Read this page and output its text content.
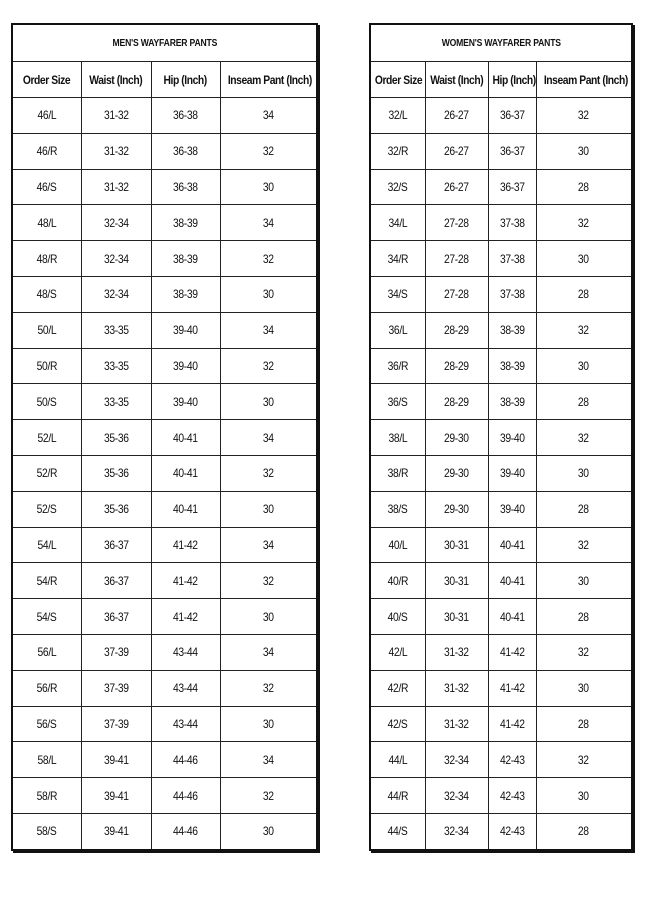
MEN'S WAYFARER PANTS			
Order Size	Waist (Inch)	Hip (Inch)	Inseam Pant (Inch)
46/L	31-32	36-38	34
46/R	31-32	36-38	32
46/S	31-32	36-38	30
48/L	32-34	38-39	34
48/R	32-34	38-39	32
48/S	32-34	38-39	30
50/L	33-35	39-40	34
50/R	33-35	39-40	32
50/S	33-35	39-40	30
52/L	35-36	40-41	34
52/R	35-36	40-41	32
52/S	35-36	40-41	30
54/L	36-37	41-42	34
54/R	36-37	41-42	32
54/S	36-37	41-42	30
56/L	37-39	43-44	34
56/R	37-39	43-44	32
56/S	37-39	43-44	30
58/L	39-41	44-46	34
58/R	39-41	44-46	32
58/S	39-41	44-46	30
WOMEN'S WAYFARER PANTS			
Order Size	Waist (Inch)	Hip (Inch)	Inseam Pant (Inch)
32/L	26-27	36-37	32
32/R	26-27	36-37	30
32/S	26-27	36-37	28
34/L	27-28	37-38	32
34/R	27-28	37-38	30
34/S	27-28	37-38	28
36/L	28-29	38-39	32
36/R	28-29	38-39	30
36/S	28-29	38-39	28
38/L	29-30	39-40	32
38/R	29-30	39-40	30
38/S	29-30	39-40	28
40/L	30-31	40-41	32
40/R	30-31	40-41	30
40/S	30-31	40-41	28
42/L	31-32	41-42	32
42/R	31-32	41-42	30
42/S	31-32	41-42	28
44/L	32-34	42-43	32
44/R	32-34	42-43	30
44/S	32-34	42-43	28
